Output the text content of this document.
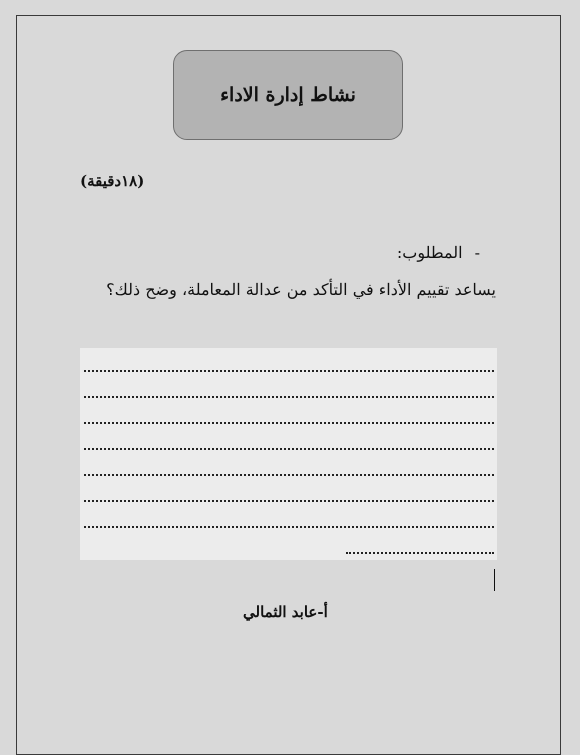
نشاط إدارة الاداء
(١٨دقيقة)
-المطلوب:
يساعد تقييم الأداء في التأكد من عدالة المعاملة، وضح ذلك؟
أ-عابد الثمالي
